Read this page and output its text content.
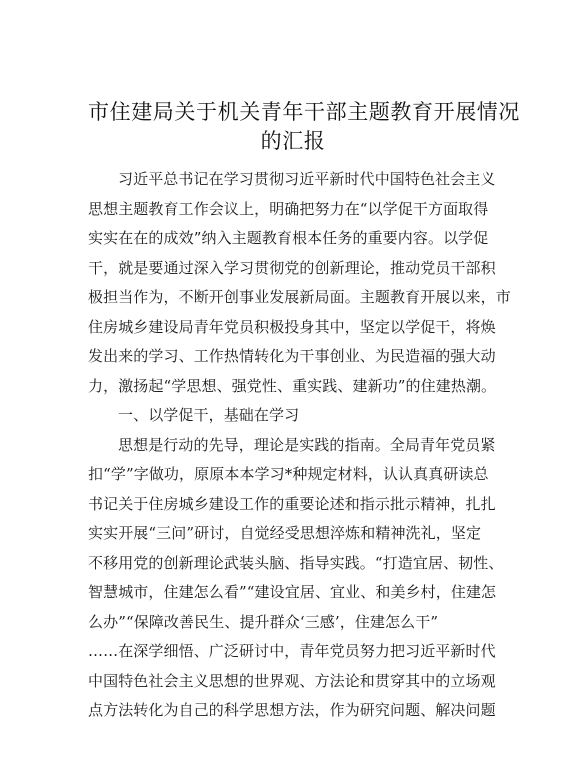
市住建局关于机关青年干部主题教育开展情况
的汇报
习近平总书记在学习贯彻习近平新时代中国特色社会主义
思想主题教育工作会议上，明确把努力在“以学促干方面取得
实实在在的成效”纳入主题教育根本任务的重要内容。以学促
干，就是要通过深入学习贯彻党的创新理论，推动党员干部积
极担当作为，不断开创事业发展新局面。主题教育开展以来，市
住房城乡建设局青年党员积极投身其中，坚定以学促干，将焕
发出来的学习、工作热情转化为干事创业、为民造福的强大动
力，激扬起“学思想、强党性、重实践、建新功”的住建热潮。
一、以学促干，基础在学习
思想是行动的先导，理论是实践的指南。全局青年党员紧
扣“学”字做功，原原本本学习*种规定材料，认认真真研读总
书记关于住房城乡建设工作的重要论述和指示批示精神，扎扎
实实开展“三问”研讨，自觉经受思想淬炼和精神洗礼，坚定
不移用党的创新理论武装头脑、指导实践。“打造宜居、韧性、
智慧城市，住建怎么看”“建设宜居、宜业、和美乡村，住建怎
么办”“保障改善民生、提升群众‘三感’，住建怎么干”
……在深学细悟、广泛研讨中，青年党员努力把习近平新时代
中国特色社会主义思想的世界观、方法论和贯穿其中的立场观
点方法转化为自己的科学思想方法，作为研究问题、解决问题
